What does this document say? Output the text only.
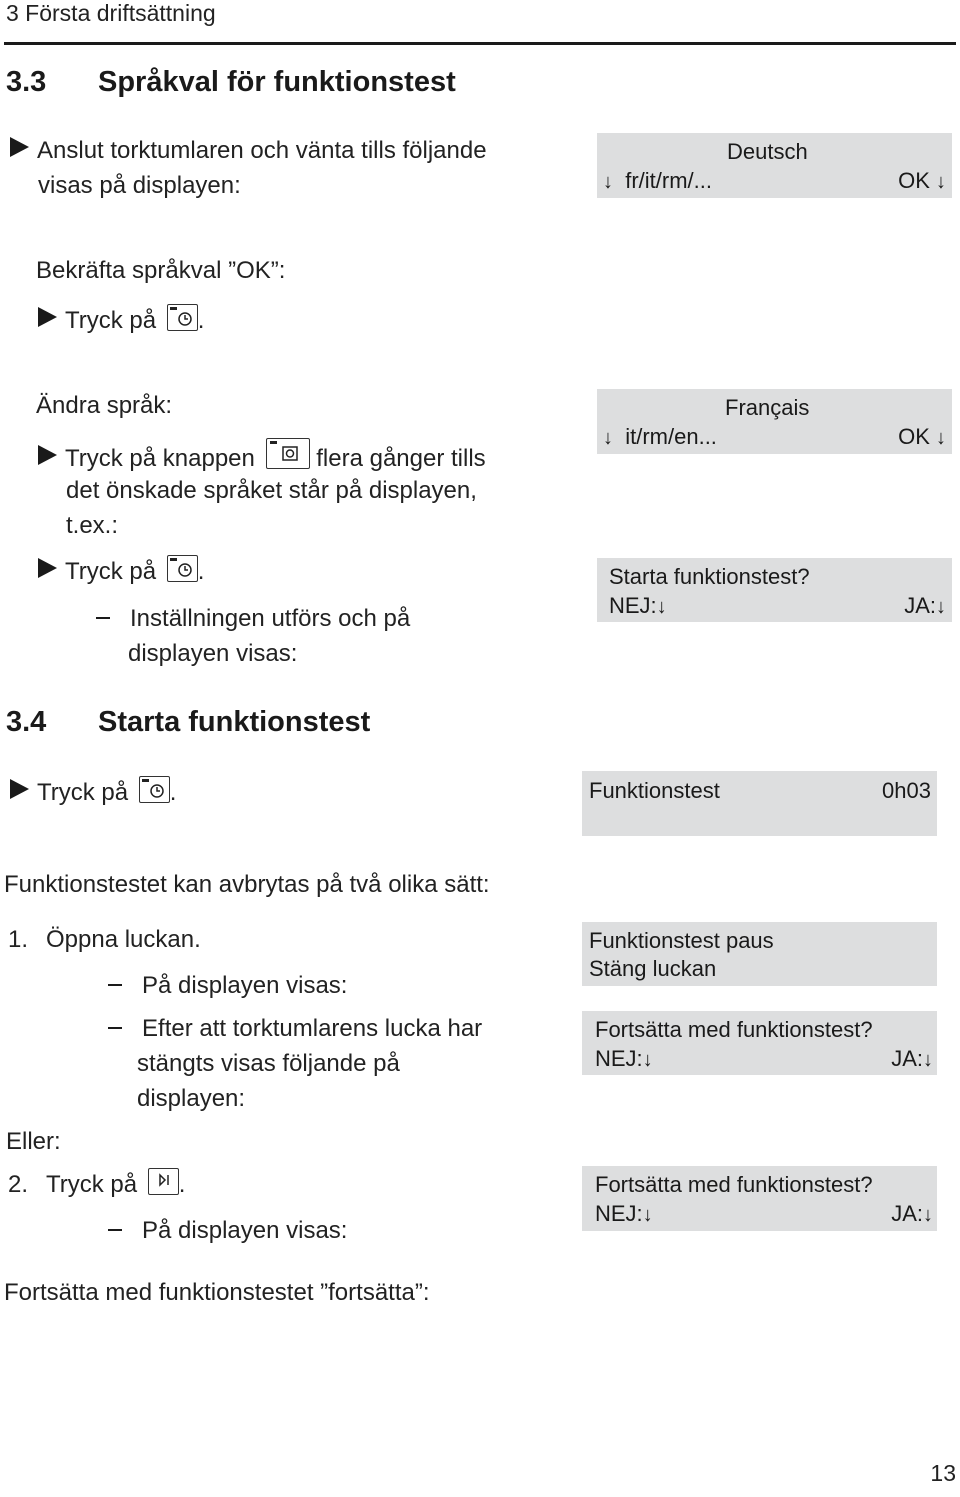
3 Första driftsättning
3.3 Språkval för funktionstest
Anslut torktumlaren och vänta tills följande
visas på displayen:
Deutsch
↓ fr/it/rm/...	OK ↓
Bekräfta språkval ”OK”:
Tryck på .
Ändra språk:
Tryck på knappen	flera gånger tills
det önskade språket står på displayen,
t.ex.:
Tryck på .
Inställningen utförs och på
displayen visas:
Français
↓ it/rm/en...	OK ↓
Starta funktionstest?
NEJ:↓	JA:↓
3.4 Starta funktionstest
Tryck på .	Funktionstest	0h03
Funktionstestet kan avbrytas på två olika sätt:
1. Öppna luckan.
På displayen visas:
Efter att torktumlarens lucka har
stängts visas följande på
displayen:
Eller:
2. Tryck på .
På displayen visas:
Funktionstest paus
Stäng luckan
Fortsätta med funktionstest?
NEJ:↓	JA:↓
Fortsätta med funktionstest?
NEJ:↓	JA:↓
Fortsätta med funktionstestet ”fortsätta”:
13
